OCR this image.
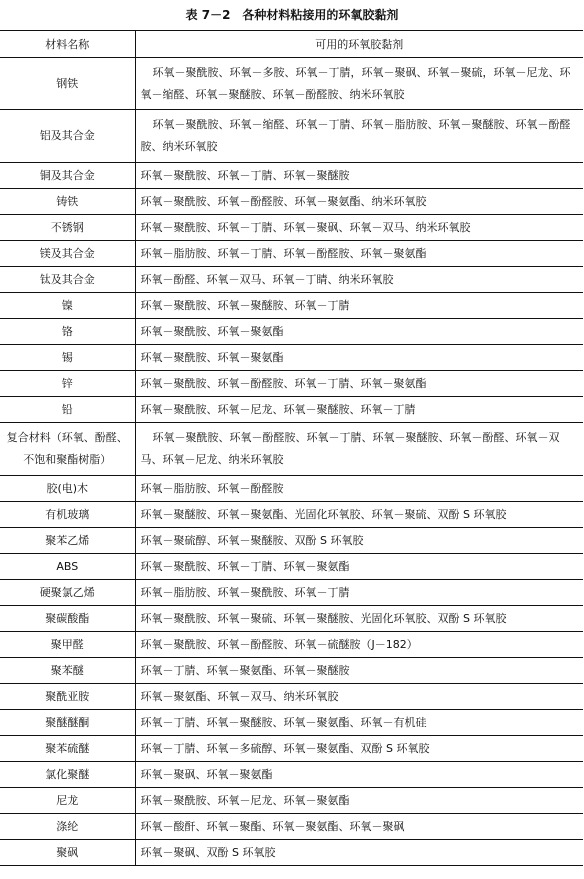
表 7－2　各种材料粘接用的环氧胶黏剂
材料名称	可用的环氧胶黏剂
钢铁	环氧－聚酰胺、环氧－多胺、环氧－丁腈，环氧－聚砜、环氧－聚硫，环氧－尼龙、环氧－缩醛、环氧－聚醚胺、环氧－酚醛胺、纳米环氧胶
铝及其合金	环氧－聚酰胺、环氧－缩醛、环氧－丁腈、环氧－脂肪胺、环氧－聚醚胺、环氧－酚醛胺、纳米环氧胶
铜及其合金	环氧－聚酰胺、环氧－丁腈、环氧－聚醚胺
铸铁	环氧－聚酰胺、环氧－酚醛胺、环氧－聚氨酯、纳米环氧胶
不锈钢	环氧－聚酰胺、环氧－丁腈、环氧－聚砜、环氧－双马、纳米环氧胶
镁及其合金	环氧－脂肪胺、环氧－丁腈、环氧－酚醛胺、环氧－聚氨酯
钛及其合金	环氧－酚醛、环氧－双马、环氧－丁睛、纳米环氧胶
镍	环氧－聚酰胺、环氧－聚醚胺、环氧－丁腈
铬	环氧－聚酰胺、环氧－聚氨酯
锡	环氧－聚酰胺、环氧－聚氨酯
锌	环氧－聚酰胺、环氧－酚醛胺、环氧－丁腈、环氧－聚氨酯
铅	环氧－聚酰胺、环氧－尼龙、环氧－聚醚胺、环氧－丁腈
复合材料（环氧、酚醛、不饱和聚酯树脂）	环氧－聚酰胺、环氧－酚醛胺、环氧－丁腈、环氧－聚醚胺、环氧－酚醛、环氧－双马、环氧－尼龙、纳米环氧胶
胶(电)木	环氧－脂肪胺、环氧－酚醛胺
有机玻璃	环氧－聚醚胺、环氧－聚氨酯、光固化环氧胶、环氧－聚硫、双酚 S 环氧胶
聚苯乙烯	环氧－聚硫醇、环氧－聚醚胺、双酚 S 环氧胶
ABS	环氧－聚酰胺、环氧－丁腈、环氧－聚氨酯
硬聚氯乙烯	环氧－脂肪胺、环氧－聚酰胺、环氧－丁腈
聚碳酸酯	环氧－聚酰胺、环氧－聚硫、环氧－聚醚胺、光固化环氧胶、双酚 S 环氧胶
聚甲醛	环氧－聚酰胺、环氧－酚醛胺、环氧－硫醚胺（J－182）
聚苯醚	环氧－丁腈、环氧－聚氨酯、环氧－聚醚胺
聚酰亚胺	环氧－聚氨酯、环氧－双马、纳米环氧胶
聚醚醚酮	环氧－丁腈、环氧－聚醚胺、环氧－聚氨酯、环氧－有机硅
聚苯硫醚	环氧－丁腈、环氧－多硫醇、环氧－聚氨酯、双酚 S 环氧胶
氯化聚醚	环氧－聚砜、环氧－聚氨酯
尼龙	环氧－聚酰胺、环氧－尼龙、环氧－聚氨酯
涤纶	环氧－酸酐、环氧－聚酯、环氧－聚氨酯、环氧－聚砜
聚砜	环氧－聚砜、双酚 S 环氧胶
